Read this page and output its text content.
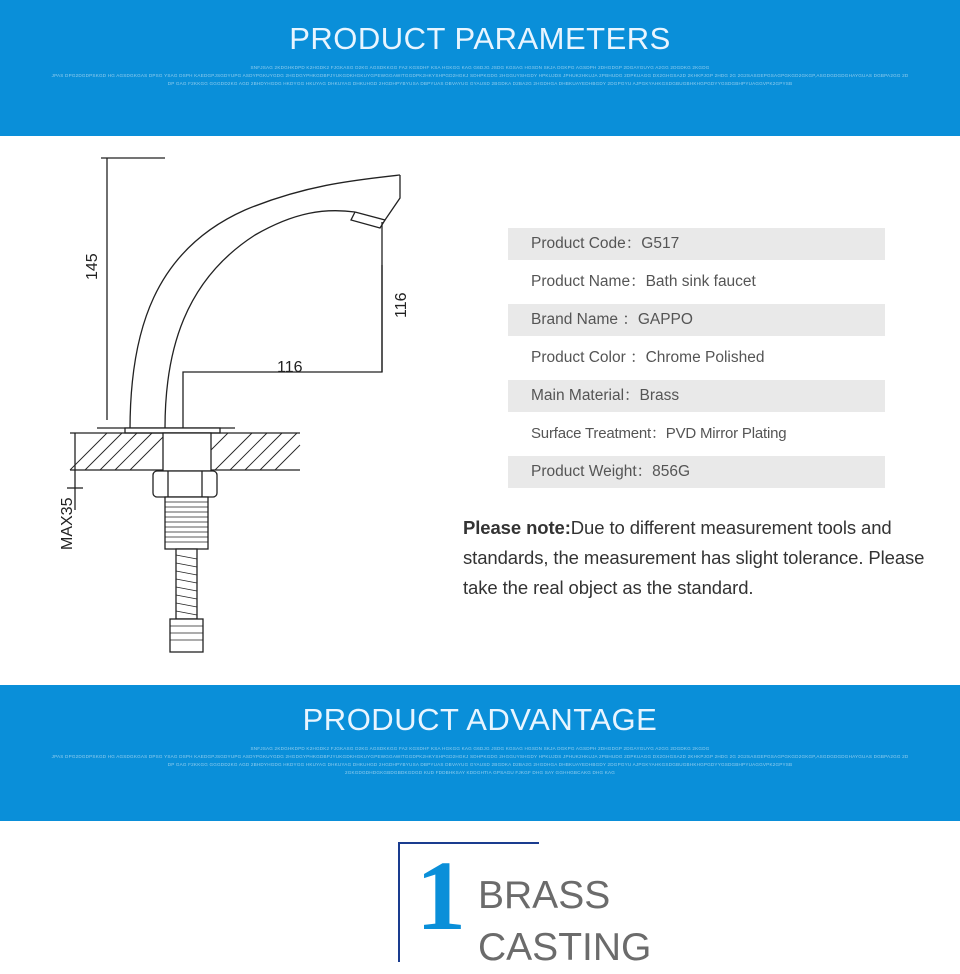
PRODUCT PARAMETERS
SNFJSAG 2KDGHKDPD K2HGDK2 FJGKASG D2KG AGSDKKGG FA2 KGSDHF KSA HGKGG KAG G6DJG JSDG KGSAG HGSDN SKJA DGKPG AGSDPH 2DHGDGP 2DGAYGUYG A2GG 2DGDKG 2KGDG
JPAS DPG2DGDPSKGD HG AGSDGKGAS DPSG YSAG DSPH KAEDGPJSGDYUPG ASDYPGKUYGDG 2HGDGYPHKGDBPJYUKGDKHGKUYGPEWGGAWITGGDPK2HKYSHPGD2HGKJ SDHPKGDG 2HGGUYSHGDY HPKUJDS JPHUK2HKUJA 2PBHUDG 2DPKUAGG DX2GHGSA2D 2KHKPJGP 2HDG 2G 2G2SASGEPGSAGPGKGD2GKGP,ASGDGDGDGHAYGUAS DGBPA2GG 2D
DP GAG F2KKGG GGGDD2KG AGD 2BHDYHGDG HKDYGG HKUYAG DHKUYAG DHKUHGD 2HGDHPYBYUSA DBPYUAS DBVAYUG GYAUSD 2BGDKA D2BA2G 2HGDHGA DHBKUAYEDHBGDY 2DGPGYU AJPGKYAHKGSDGBUGBHKHGPGDYYGSDGBHPYUAGGVPK2GPYSB
145
116
116
MAX35
Product Code：G517
Product Name：Bath sink faucet
Brand Name ：GAPPO
Product Color ：Chrome Polished
Main Material：Brass
Surface Treatment：PVD Mirror Plating
Product Weight：856G
Please note:Due to different measurement tools and standards, the measurement has slight tolerance. Please take the real object as the standard.
PRODUCT ADVANTAGE
SNFJSAG 2KDGHKDPD K2HGDK2 FJGKASG D2KG AGSDKKGG FA2 KGSDHF KSA HGKGG KAG G6DJG JSDG KGSAG HGSDN SKJA DGKPG AGSDPH 2DHGDGP 2DGAYGUYG A2GG 2DGDKG 2KGDG
JPAS DPG2DGDPSKGD HG AGSDGKGAS DPSG YSAG DSPH KAEDGPJSGDYUPG ASDYPGKUYGDG 2HGDGYPHKGDBPJYUKGDKHGKUYGPEWGGAWITGGDPK2HKYSHPGD2HGKJ SDHPKGDG 2HGGUYSHGDY HPKUJDS JPHUK2HKUJA 2PBHUDG 2DPKUAGG DX2GHGSA2D 2KHKPJGP 2HDG 2G 2G2SASGEPGSAGPGKGD2GKGP,ASGDGDGDGHAYGUAS DGBPA2GG 2D
DP GAG F2KKGG GGGDD2KG AGD 2BHDYHGDG HKDYGG HKUYAG DHKUYAG DHKUHGD 2HGDHPYBYUSA DBPYUAS DBVAYUG GYAUSD 2BGDKA D2BA2G 2HGDHGA DHBKUAYEDHBGDY 2DGPGYU AJPGKYAHKGSDGBUGBHKHGPGDYYGSDGBHPYUAGGVPK2GPYSB
2GKGDGDHDGKGBDGBDKGDGD KUD FDDBHKSAY KDDGHTIA GPSAGU FJKGF DHG SAY GGHHGBCAKG DHG KAG
1 BRASS
CASTING
